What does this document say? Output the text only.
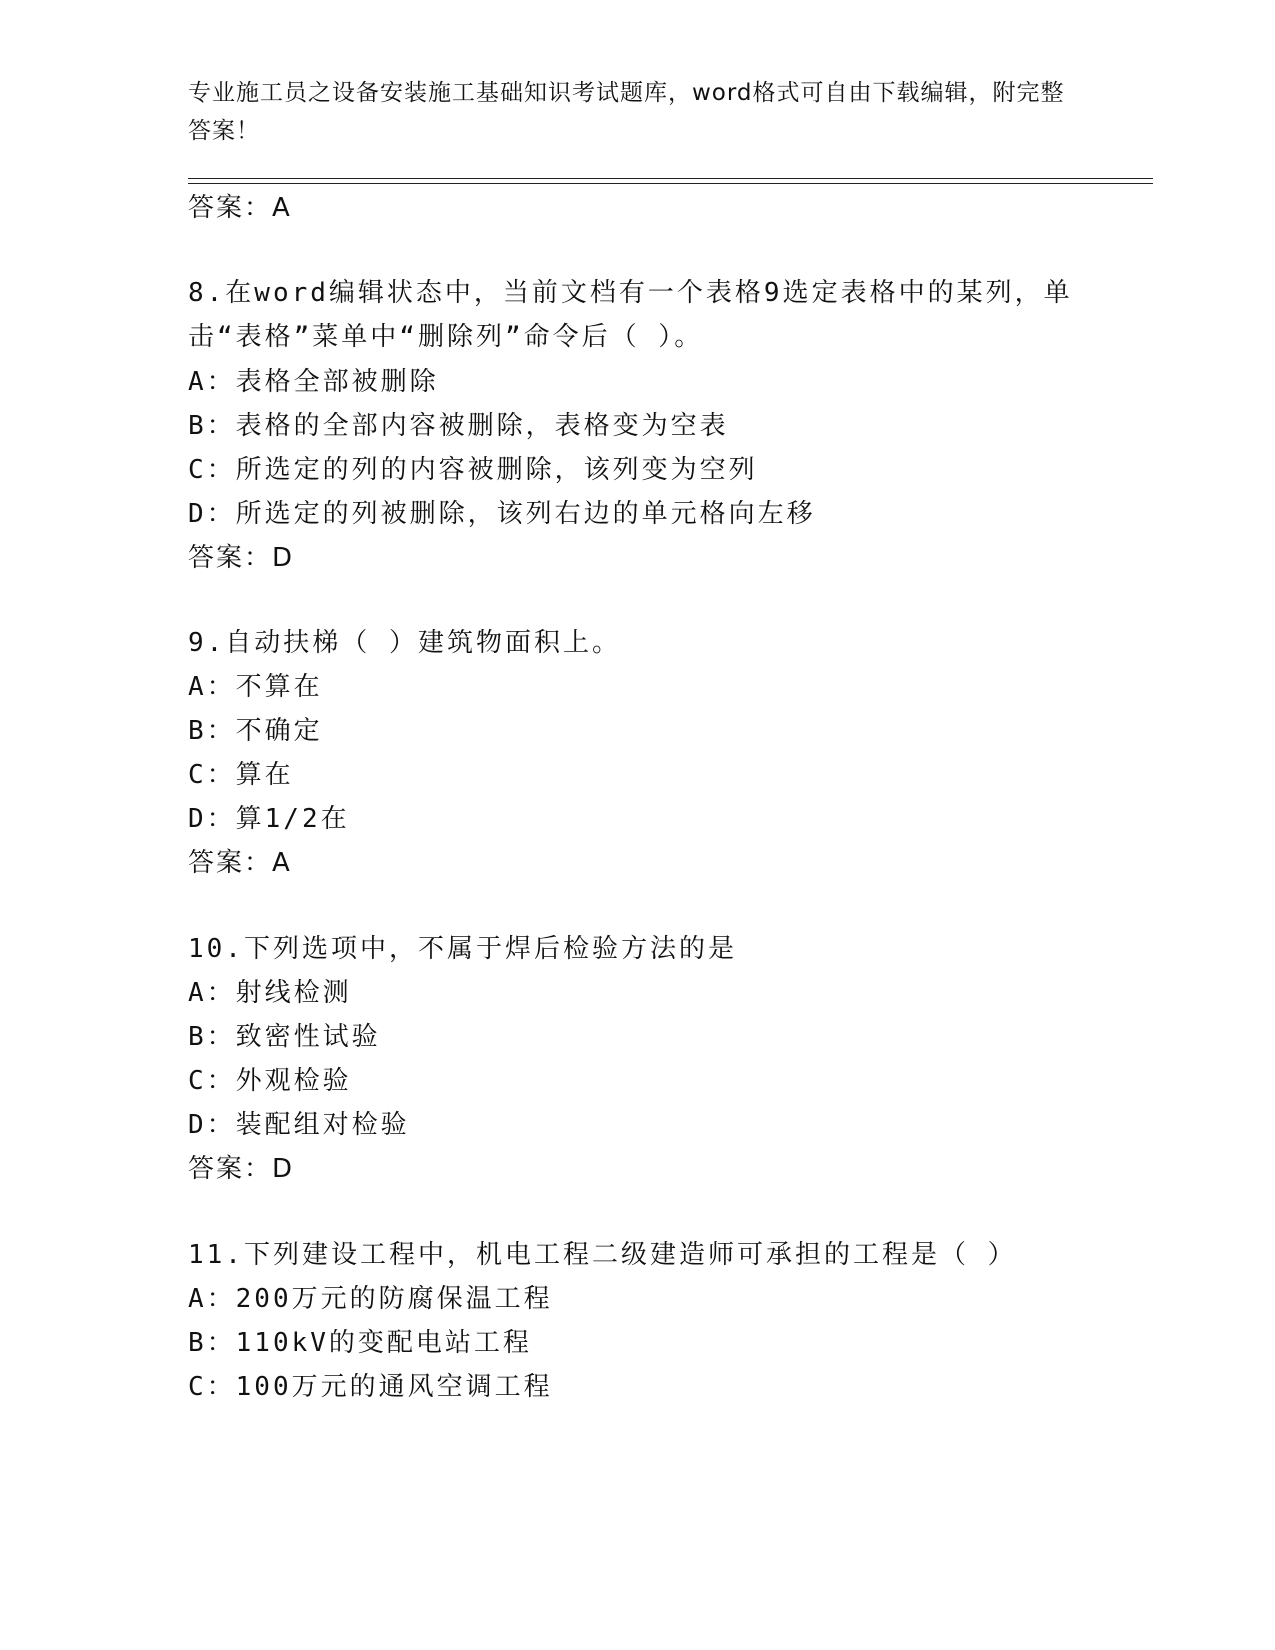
专业施工员之设备安装施工基础知识考试题库，word格式可自由下载编辑，附完整答案！
答案：A
8.在word编辑状态中，当前文档有一个表格9选定表格中的某列，单
击“表格”菜单中“删除列”命令后（ ）。
A：表格全部被删除
B：表格的全部内容被删除，表格变为空表
C：所选定的列的内容被删除，该列变为空列
D：所选定的列被删除，该列右边的单元格向左移
答案：D
9.自动扶梯（ ）建筑物面积上。
A：不算在
B：不确定
C：算在
D：算1/2在
答案：A
10.下列选项中，不属于焊后检验方法的是
A：射线检测
B：致密性试验
C：外观检验
D：装配组对检验
答案：D
11.下列建设工程中，机电工程二级建造师可承担的工程是（ ）
A：200万元的防腐保温工程
B：110kV的变配电站工程
C：100万元的通风空调工程
